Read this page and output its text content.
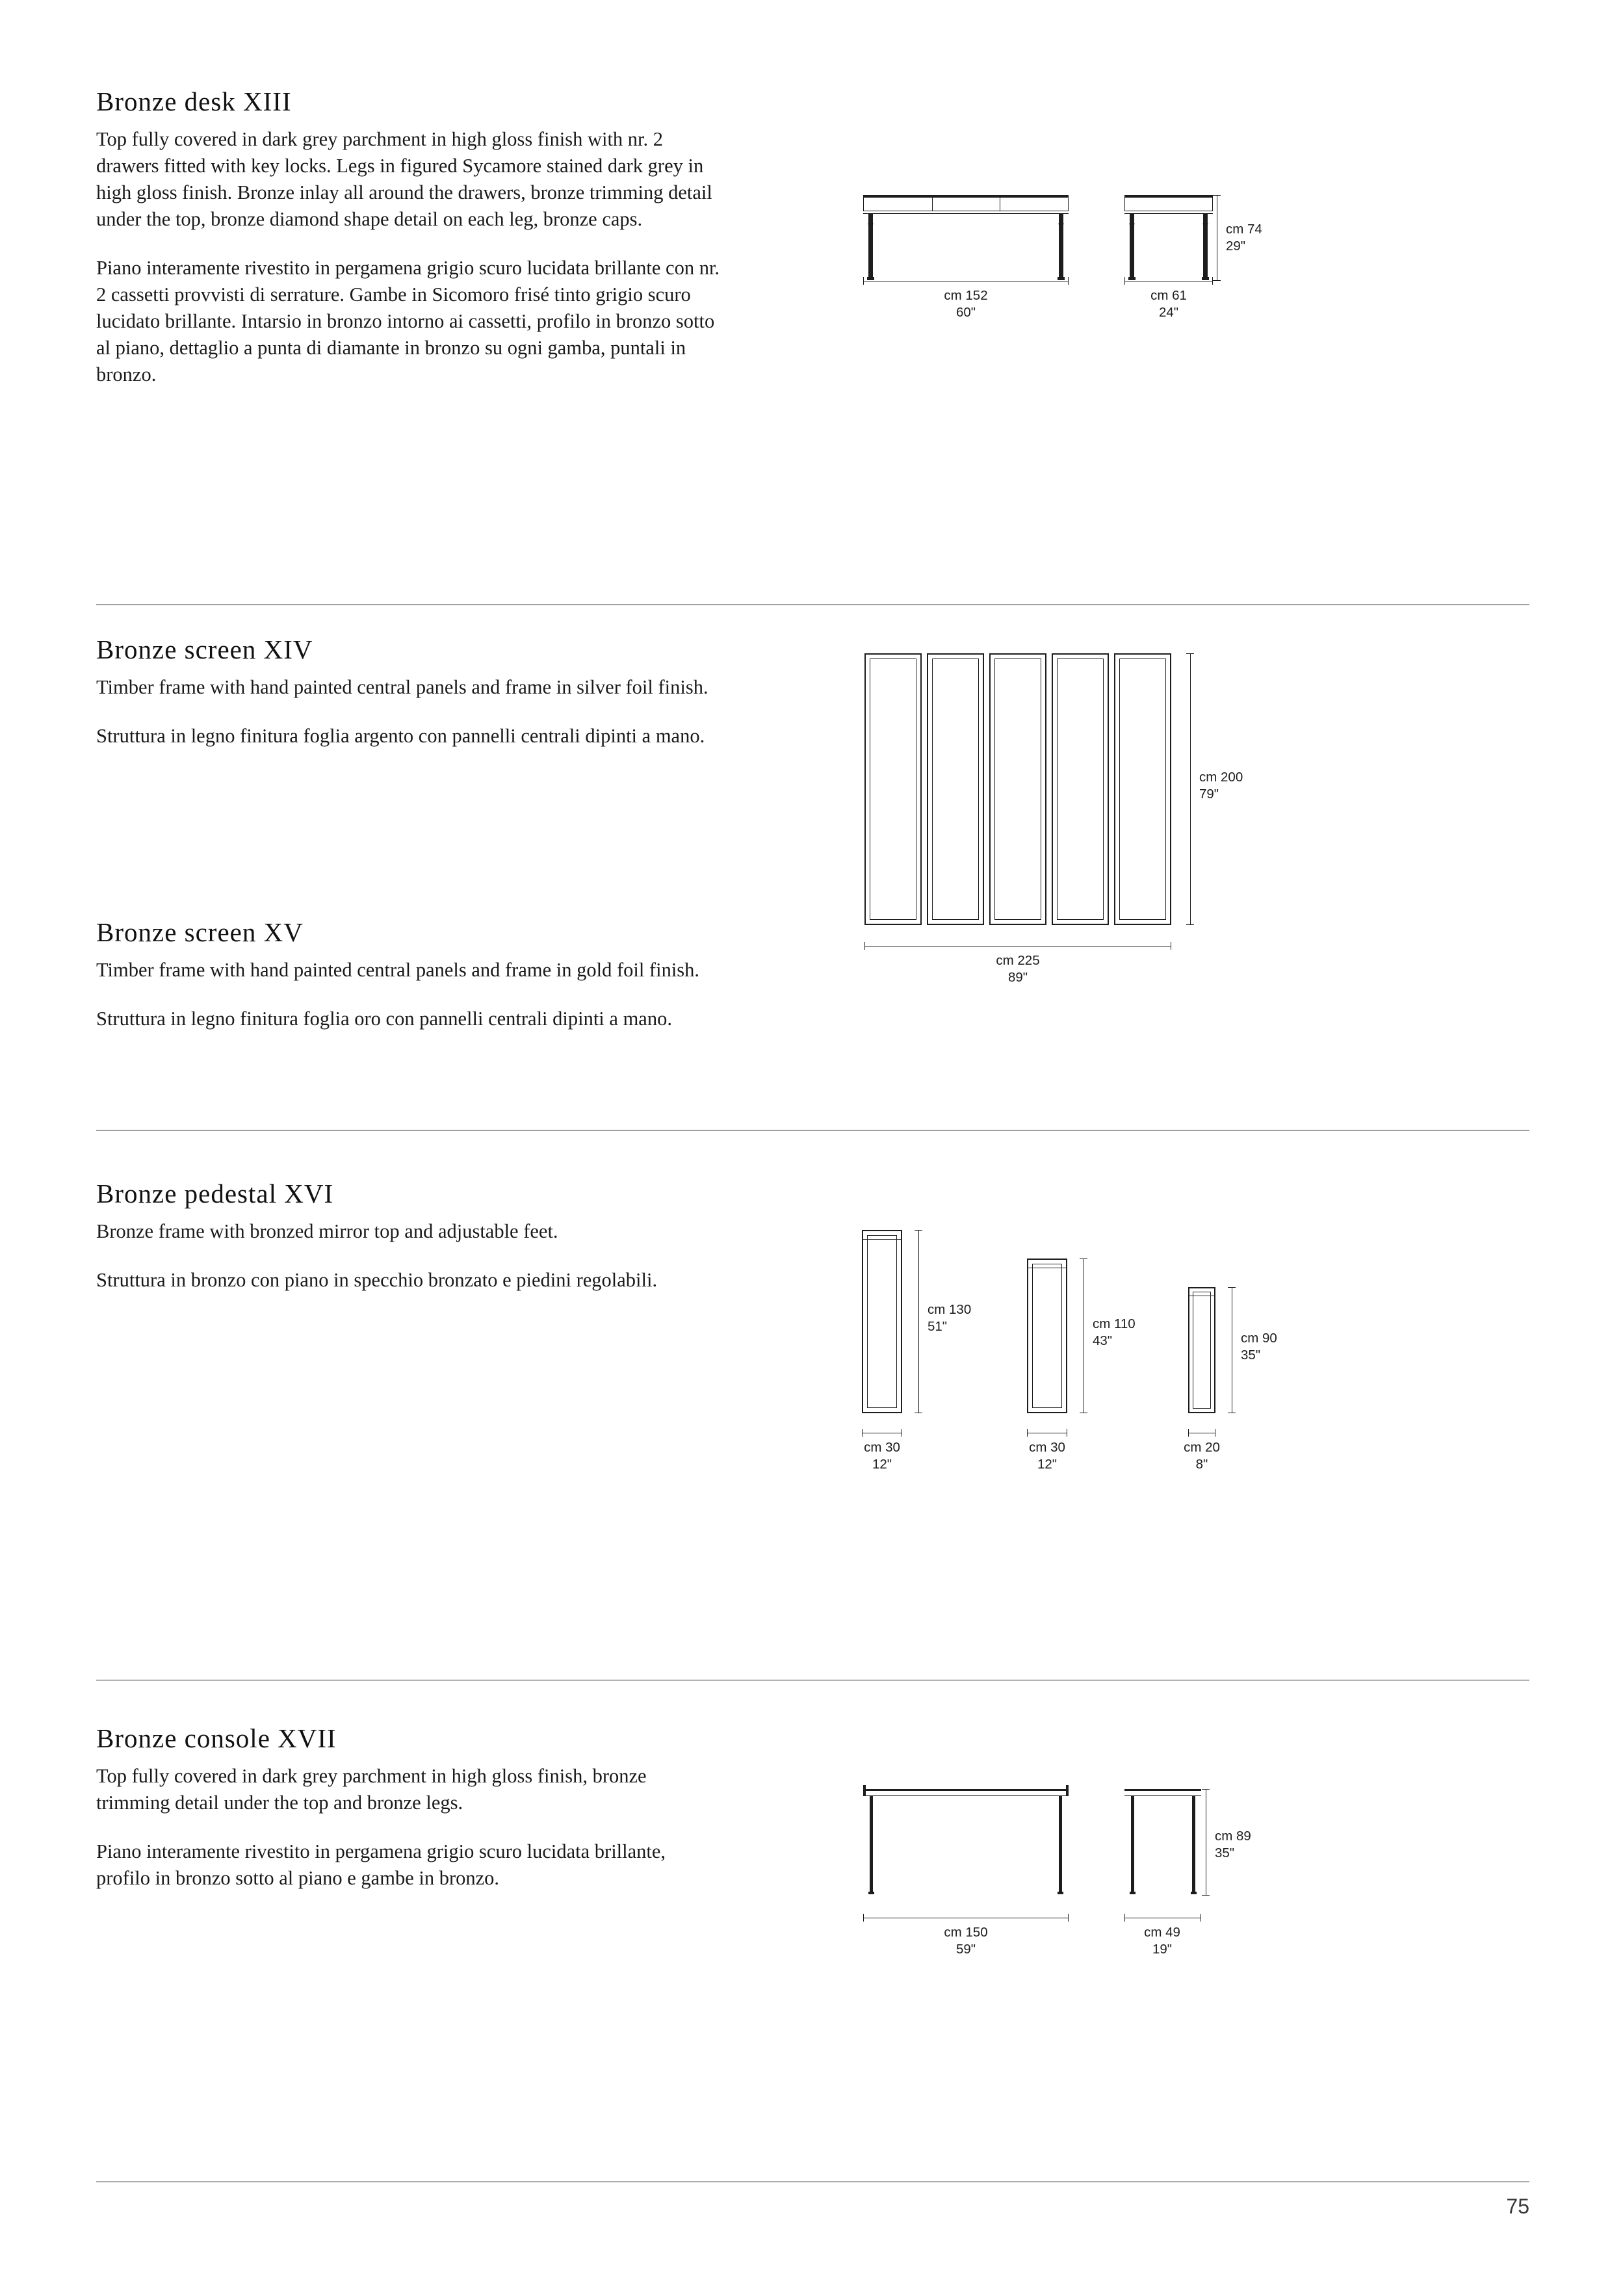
Bronze desk XIII

Top fully covered in dark grey parchment in high gloss finish with nr. 2 drawers fitted with key locks. Legs in figured Sycamore stained dark grey in high gloss finish. Bronze inlay all around the drawers, bronze trimming detail under the top, bronze diamond shape detail on each leg, bronze caps.

Piano interamente rivestito in pergamena grigio scuro lucidata brillante con nr. 2 cassetti provvisti di serrature. Gambe in Sicomoro frisé tinto grigio scuro lucidato brillante. Intarsio in bronzo intorno ai cassetti, profilo in bronzo sotto al piano, dettaglio a punta di diamante in bronzo su ogni gamba, puntali in bronzo.

cm 152
60"
cm 61
24"
cm 74
29"
Bronze screen XIV

Timber frame with hand painted central panels and frame in silver foil finish.

Struttura in legno finitura foglia argento con pannelli centrali dipinti a mano.

cm 225
89"
cm 200
79"
Bronze screen XV

Timber frame with hand painted central panels and frame in gold foil finish.

Struttura in legno finitura foglia oro con pannelli centrali dipinti a mano.

Bronze pedestal XVI

Bronze frame with bronzed mirror top and adjustable feet.

Struttura in bronzo con piano in specchio bronzato e piedini regolabili.

cm 30
12"
cm 130
51"
cm 30
12"
cm 110
43"
cm 20
8"
cm 90
35"
Bronze console XVII

Top fully covered in dark grey parchment in high gloss finish, bronze trimming detail under the top and bronze legs.

Piano interamente rivestito in pergamena grigio scuro lucidata brillante, profilo in bronzo sotto al piano e gambe in bronzo.

cm 150
59"
cm 49
19"
cm 89
35"
75
